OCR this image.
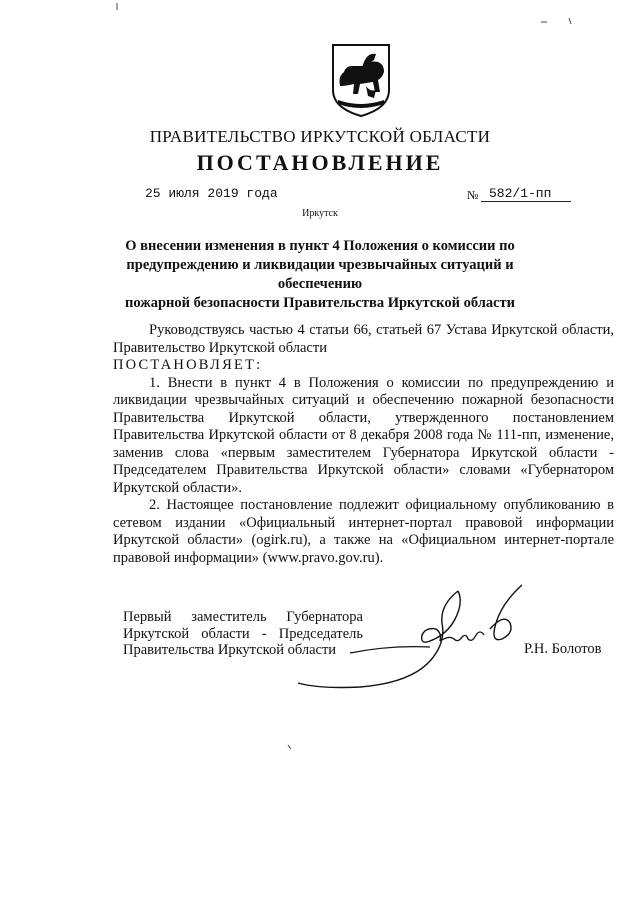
ПРАВИТЕЛЬСТВО ИРКУТСКОЙ ОБЛАСТИ
ПОСТАНОВЛЕНИЕ
25 июля 2019 года	№ 582/1-пп
Иркутск
О внесении изменения в пункт 4 Положения о комиссии по
предупреждению и ликвидации чрезвычайных ситуаций и обеспечению
пожарной безопасности Правительства Иркутской области

Руководствуясь частью 4 статьи 66, статьей 67 Устава Иркутской области, Правительство Иркутской области

ПОСТАНОВЛЯЕТ:

1. Внести в пункт 4 в Положения о комиссии по предупреждению и ликвидации чрезвычайных ситуаций и обеспечению пожарной безопасности Правительства Иркутской области, утвержденного постановлением Правительства Иркутской области от 8 декабря 2008 года № 111-пп, изменение, заменив слова «первым заместителем Губернатора Иркутской области - Председателем Правительства Иркутской области» словами «Губернатором Иркутской области».

2. Настоящее постановление подлежит официальному опубликованию в сетевом издании «Официальный интернет-портал правовой информации Иркутской области» (ogirk.ru), а также на «Официальном интернет-портале правовой информации» (www.pravo.gov.ru).

Первый заместитель Губернатора
Иркутской области - Председатель
Правительства Иркутской области	Р.Н. Болотов
